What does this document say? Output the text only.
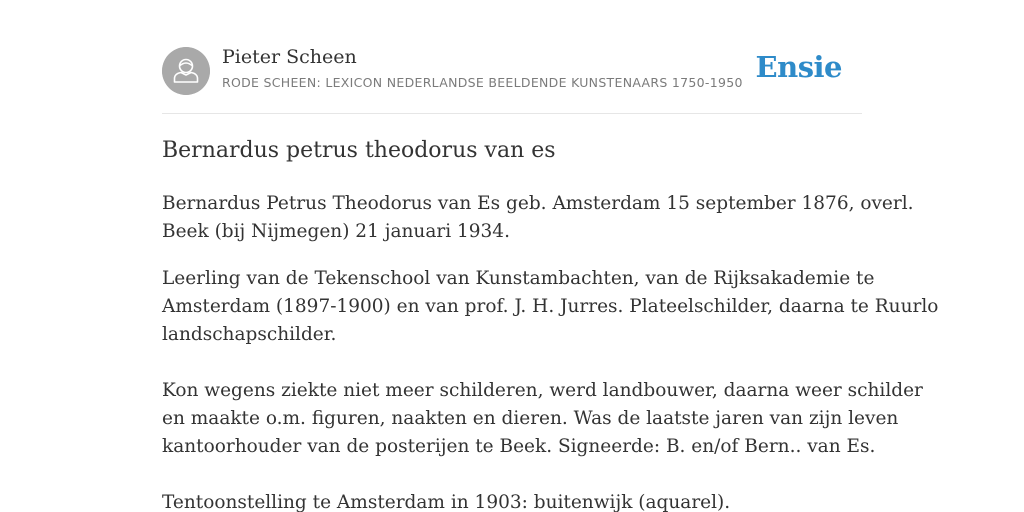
Pieter Scheen
RODE SCHEEN: LEXICON NEDERLANDSE BEELDENDE KUNSTENAARS 1750-1950 Ensie
Bernardus petrus theodorus van es

Bernardus Petrus Theodorus van Es geb. Amsterdam 15 september 1876, overl.
Beek (bij Nijmegen) 21 januari 1934.

Leerling van de Tekenschool van Kunstambachten, van de Rijksakademie te
Amsterdam (1897-1900) en van prof. J. H. Jurres. Plateelschilder, daarna te Ruurlo
landschapschilder.
Kon wegens ziekte niet meer schilderen, werd landbouwer, daarna weer schilder
en maakte o.m. figuren, naakten en dieren. Was de laatste jaren van zijn leven
kantoorhouder van de posterijen te Beek. Signeerde: B. en/of Bern.. van Es.
Tentoonstelling te Amsterdam in 1903: buitenwijk (aquarel).
